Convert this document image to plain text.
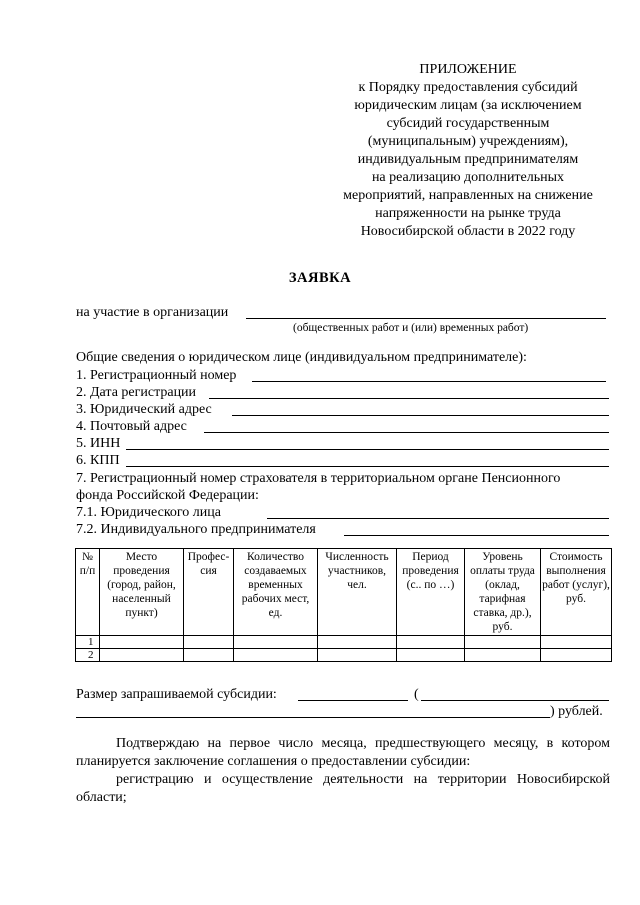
ПРИЛОЖЕНИЕ
к Порядку предоставления субсидий
юридическим лицам (за исключением
субсидий государственным
(муниципальным) учреждениям),
индивидуальным предпринимателям
на реализацию дополнительных
мероприятий, направленных на снижение
напряженности на рынке труда
Новосибирской области в 2022 году
ЗАЯВКА
на участие в организации
(общественных работ и (или) временных работ)
Общие сведения о юридическом лице (индивидуальном предпринимателе):
1. Регистрационный номер
2. Дата регистрации
3. Юридический адрес
4. Почтовый адрес
5. ИНН
6. КПП
7. Регистрационный номер страхователя в территориальном органе Пенсионного
фонда Российской Федерации:
7.1. Юридического лица
7.2. Индивидуального предпринимателя
№ п/п	Место проведения (город, район, населенный пункт)	Профес-сия	Количество создаваемых временных рабочих мест, ед.	Численность участников, чел.	Период проведения (с.. по …)	Уровень оплаты труда (оклад, тарифная ставка, др.), руб.	Стоимость выполнения работ (услуг), руб.
1							
2							
Размер запрашиваемой субсидии:	(
) рублей.
Подтверждаю на первое число месяца, предшествующего месяцу, в котором планируется заключение соглашения о предоставлении субсидии:
регистрацию и осуществление деятельности на территории Новосибирской области;
